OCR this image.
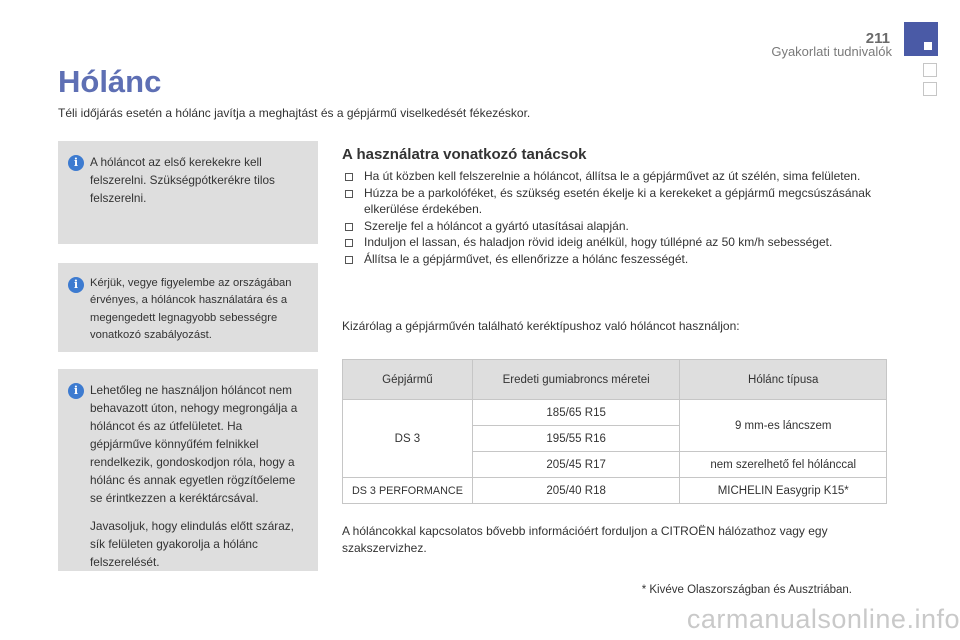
211
Gyakorlati tudnivalók
Hólánc

Téli időjárás esetén a hólánc javítja a meghajtást és a gépjármű viselkedését fékezéskor.

i	A hóláncot az első kerekekre kell felszerelni. Szükségpótkerékre tilos felszerelni.

i	Kérjük, vegye figyelembe az országában érvényes, a hóláncok használatára és a megengedett legnagyobb sebességre vonatkozó szabályozást.

i	Lehetőleg ne használjon hóláncot nem behavazott úton, nehogy megrongálja a hóláncot és az útfelületet. Ha gépjárműve könnyűfém felnikkel rendelkezik, gondoskodjon róla, hogy a hólánc és annak egyetlen rögzítőeleme se érintkezzen a keréktárcsával.

Javasoljuk, hogy elindulás előtt száraz, sík felületen gyakorolja a hólánc felszerelését.

A használatra vonatkozó tanácsok
Ha út közben kell felszerelnie a hóláncot, állítsa le a gépjárművet az út szélén, sima felületen.
Húzza be a parkolóféket, és szükség esetén ékelje ki a kerekeket a gépjármű megcsúszásának elkerülése érdekében.
Szerelje fel a hóláncot a gyártó utasításai alapján.
Induljon el lassan, és haladjon rövid ideig anélkül, hogy túllépné az 50 km/h sebességet.
Állítsa le a gépjárművet, és ellenőrizze a hólánc feszességét.

Kizárólag a gépjárművén található keréktípushoz való hóláncot használjon:

Gépjármű	Eredeti gumiabroncs méretei	Hólánc típusa
DS 3	185/65 R15	9 mm-es láncszem
	195/55 R16	
	205/45 R17	nem szerelhető fel hólánccal
DS 3 PERFORMANCE	205/40 R18	MICHELIN Easygrip K15*

A hóláncokkal kapcsolatos bővebb információért forduljon a CITROËN hálózathoz vagy egy szakszervizhez.

* Kivéve Olaszországban és Ausztriában.

carmanualsonline.info
